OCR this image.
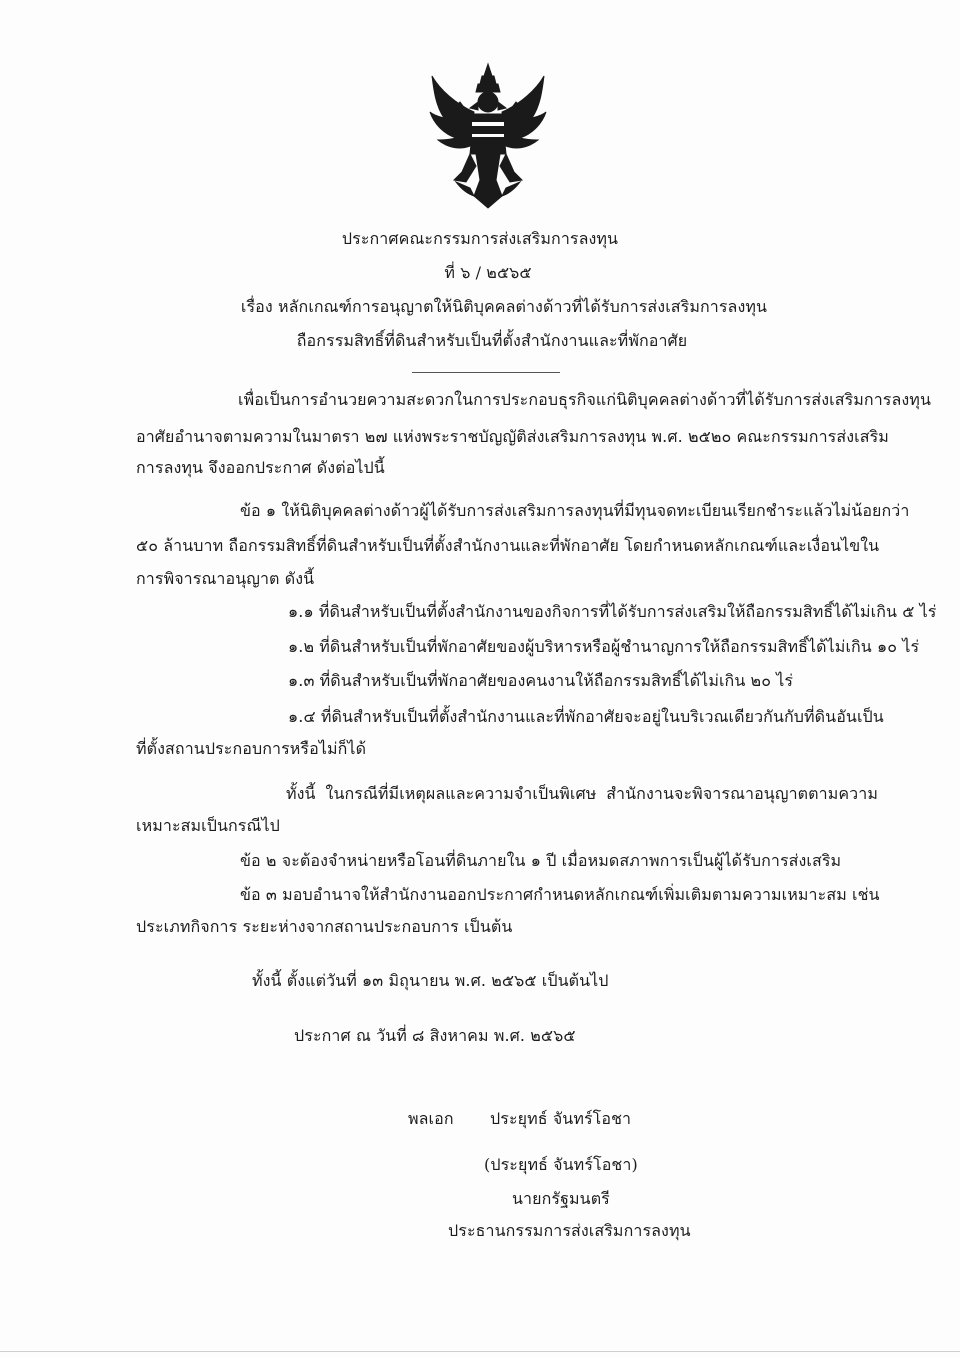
ประกาศคณะกรรมการส่งเสริมการลงทุน
ที่ ๖ / ๒๕๖๕
เรื่อง หลักเกณฑ์การอนุญาตให้นิติบุคคลต่างด้าวที่ได้รับการส่งเสริมการลงทุน
ถือกรรมสิทธิ์ที่ดินสำหรับเป็นที่ตั้งสำนักงานและที่พักอาศัย
เพื่อเป็นการอำนวยความสะดวกในการประกอบธุรกิจแก่นิติบุคคลต่างด้าวที่ได้รับการส่งเสริมการลงทุน
อาศัยอำนาจตามความในมาตรา ๒๗ แห่งพระราชบัญญัติส่งเสริมการลงทุน พ.ศ. ๒๕๒๐ คณะกรรมการส่งเสริม
การลงทุน จึงออกประกาศ ดังต่อไปนี้
ข้อ ๑ ให้นิติบุคคลต่างด้าวผู้ได้รับการส่งเสริมการลงทุนที่มีทุนจดทะเบียนเรียกชำระแล้วไม่น้อยกว่า
๕๐ ล้านบาท ถือกรรมสิทธิ์ที่ดินสำหรับเป็นที่ตั้งสำนักงานและที่พักอาศัย โดยกำหนดหลักเกณฑ์และเงื่อนไขใน
การพิจารณาอนุญาต ดังนี้
๑.๑ ที่ดินสำหรับเป็นที่ตั้งสำนักงานของกิจการที่ได้รับการส่งเสริมให้ถือกรรมสิทธิ์ได้ไม่เกิน ๕ ไร่
๑.๒ ที่ดินสำหรับเป็นที่พักอาศัยของผู้บริหารหรือผู้ชำนาญการให้ถือกรรมสิทธิ์ได้ไม่เกิน ๑๐ ไร่
๑.๓ ที่ดินสำหรับเป็นที่พักอาศัยของคนงานให้ถือกรรมสิทธิ์ได้ไม่เกิน ๒๐ ไร่
๑.๔ ที่ดินสำหรับเป็นที่ตั้งสำนักงานและที่พักอาศัยจะอยู่ในบริเวณเดียวกันกับที่ดินอันเป็น
ที่ตั้งสถานประกอบการหรือไม่ก็ได้
ทั้งนี้ ในกรณีที่มีเหตุผลและความจำเป็นพิเศษ สำนักงานจะพิจารณาอนุญาตตามความ
เหมาะสมเป็นกรณีไป
ข้อ ๒ จะต้องจำหน่ายหรือโอนที่ดินภายใน ๑ ปี เมื่อหมดสภาพการเป็นผู้ได้รับการส่งเสริม
ข้อ ๓ มอบอำนาจให้สำนักงานออกประกาศกำหนดหลักเกณฑ์เพิ่มเติมตามความเหมาะสม เช่น
ประเภทกิจการ ระยะห่างจากสถานประกอบการ เป็นต้น
ทั้งนี้ ตั้งแต่วันที่ ๑๓ มิถุนายน พ.ศ. ๒๕๖๕ เป็นต้นไป
ประกาศ ณ วันที่ ๘ สิงหาคม พ.ศ. ๒๕๖๕
พลเอก ประยุทธ์ จันทร์โอชา
(ประยุทธ์ จันทร์โอชา)
นายกรัฐมนตรี
ประธานกรรมการส่งเสริมการลงทุน
